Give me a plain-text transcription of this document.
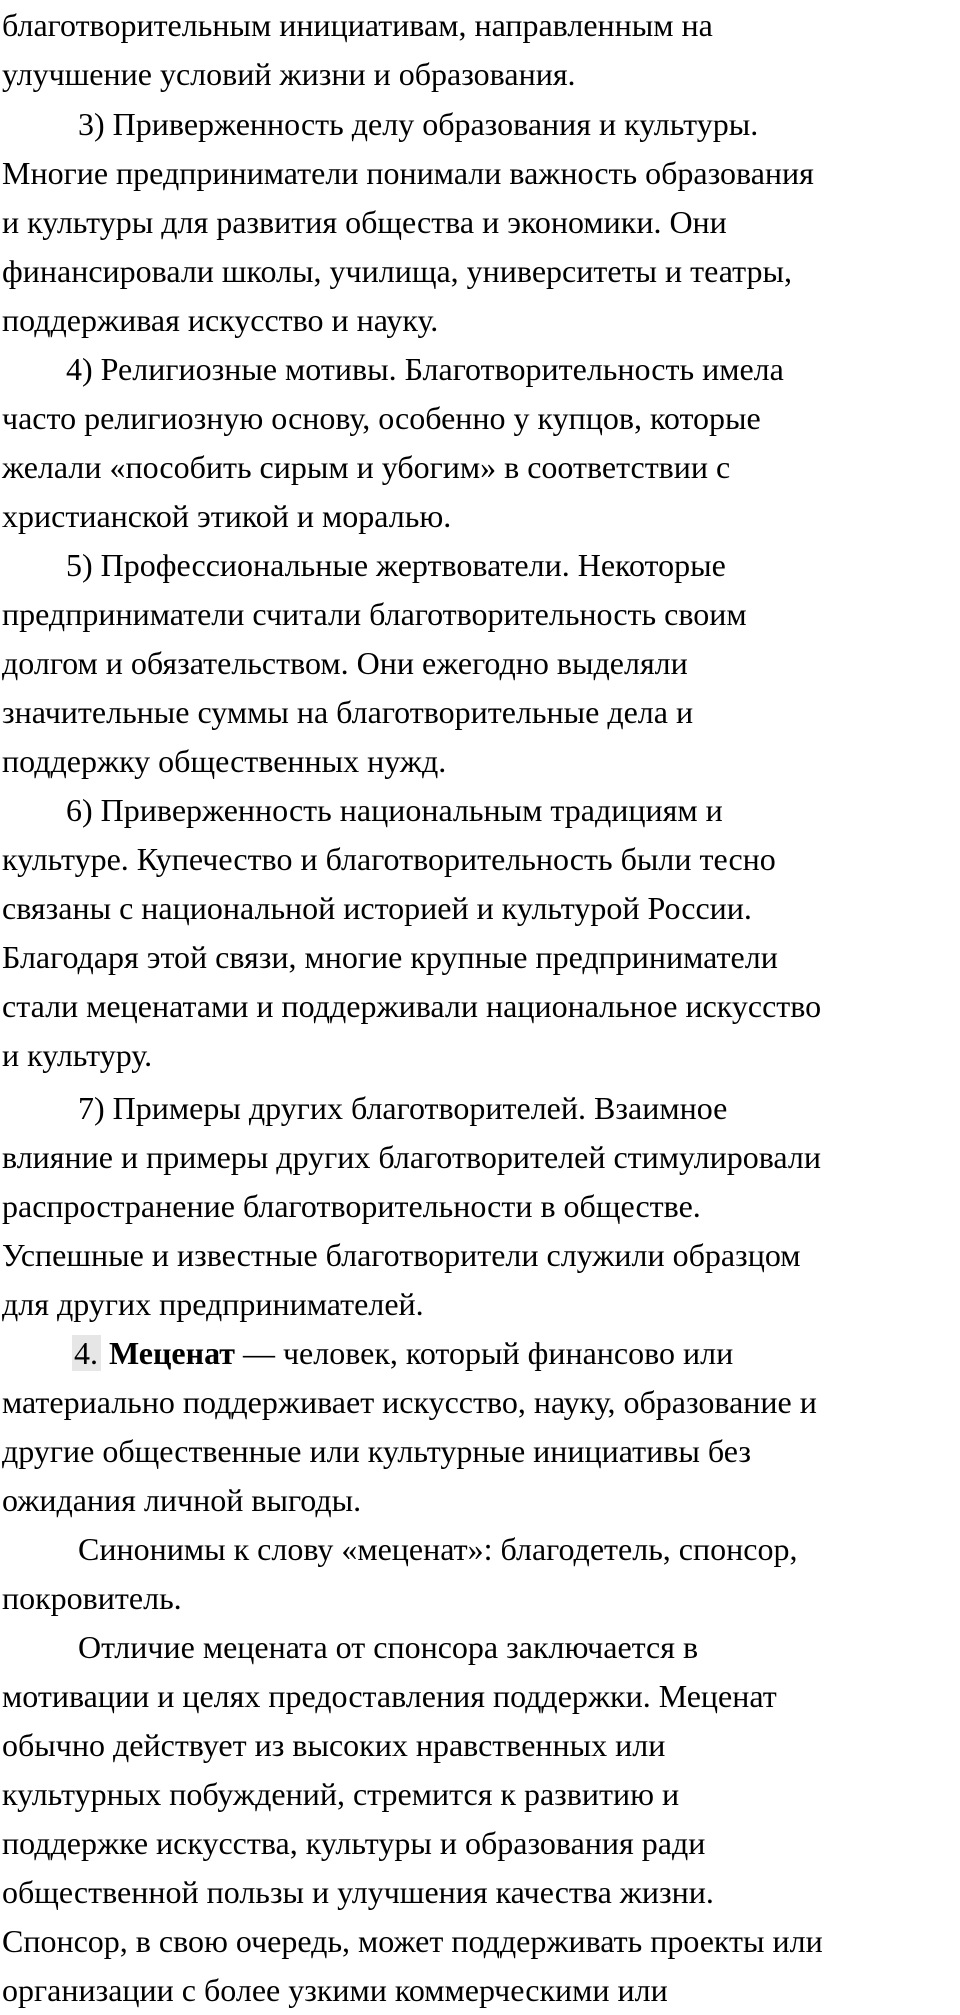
благотворительным инициативам, направленным на
улучшение условий жизни и образования.
3) Приверженность делу образования и культуры.
Многие предприниматели понимали важность образования
и культуры для развития общества и экономики. Они
финансировали школы, училища, университеты и театры,
поддерживая искусство и науку.
4) Религиозные мотивы. Благотворительность имела
часто религиозную основу, особенно у купцов, которые
желали «пособить сирым и убогим» в соответствии с
христианской этикой и моралью.
5) Профессиональные жертвователи. Некоторые
предприниматели считали благотворительность своим
долгом и обязательством. Они ежегодно выделяли
значительные суммы на благотворительные дела и
поддержку общественных нужд.
6) Приверженность национальным традициям и
культуре. Купечество и благотворительность были тесно
связаны с национальной историей и культурой России.
Благодаря этой связи, многие крупные предприниматели
стали меценатами и поддерживали национальное искусство
и культуру.
7) Примеры других благотворителей. Взаимное
влияние и примеры других благотворителей стимулировали
распространение благотворительности в обществе.
Успешные и известные благотворители служили образцом
для других предпринимателей.
4. Меценат — человек, который финансово или
материально поддерживает искусство, науку, образование и
другие общественные или культурные инициативы без
ожидания личной выгоды.
Синонимы к слову «меценат»: благодетель, спонсор,
покровитель.
Отличие мецената от спонсора заключается в
мотивации и целях предоставления поддержки. Меценат
обычно действует из высоких нравственных или
культурных побуждений, стремится к развитию и
поддержке искусства, культуры и образования ради
общественной пользы и улучшения качества жизни.
Спонсор, в свою очередь, может поддерживать проекты или
организации с более узкими коммерческими или
